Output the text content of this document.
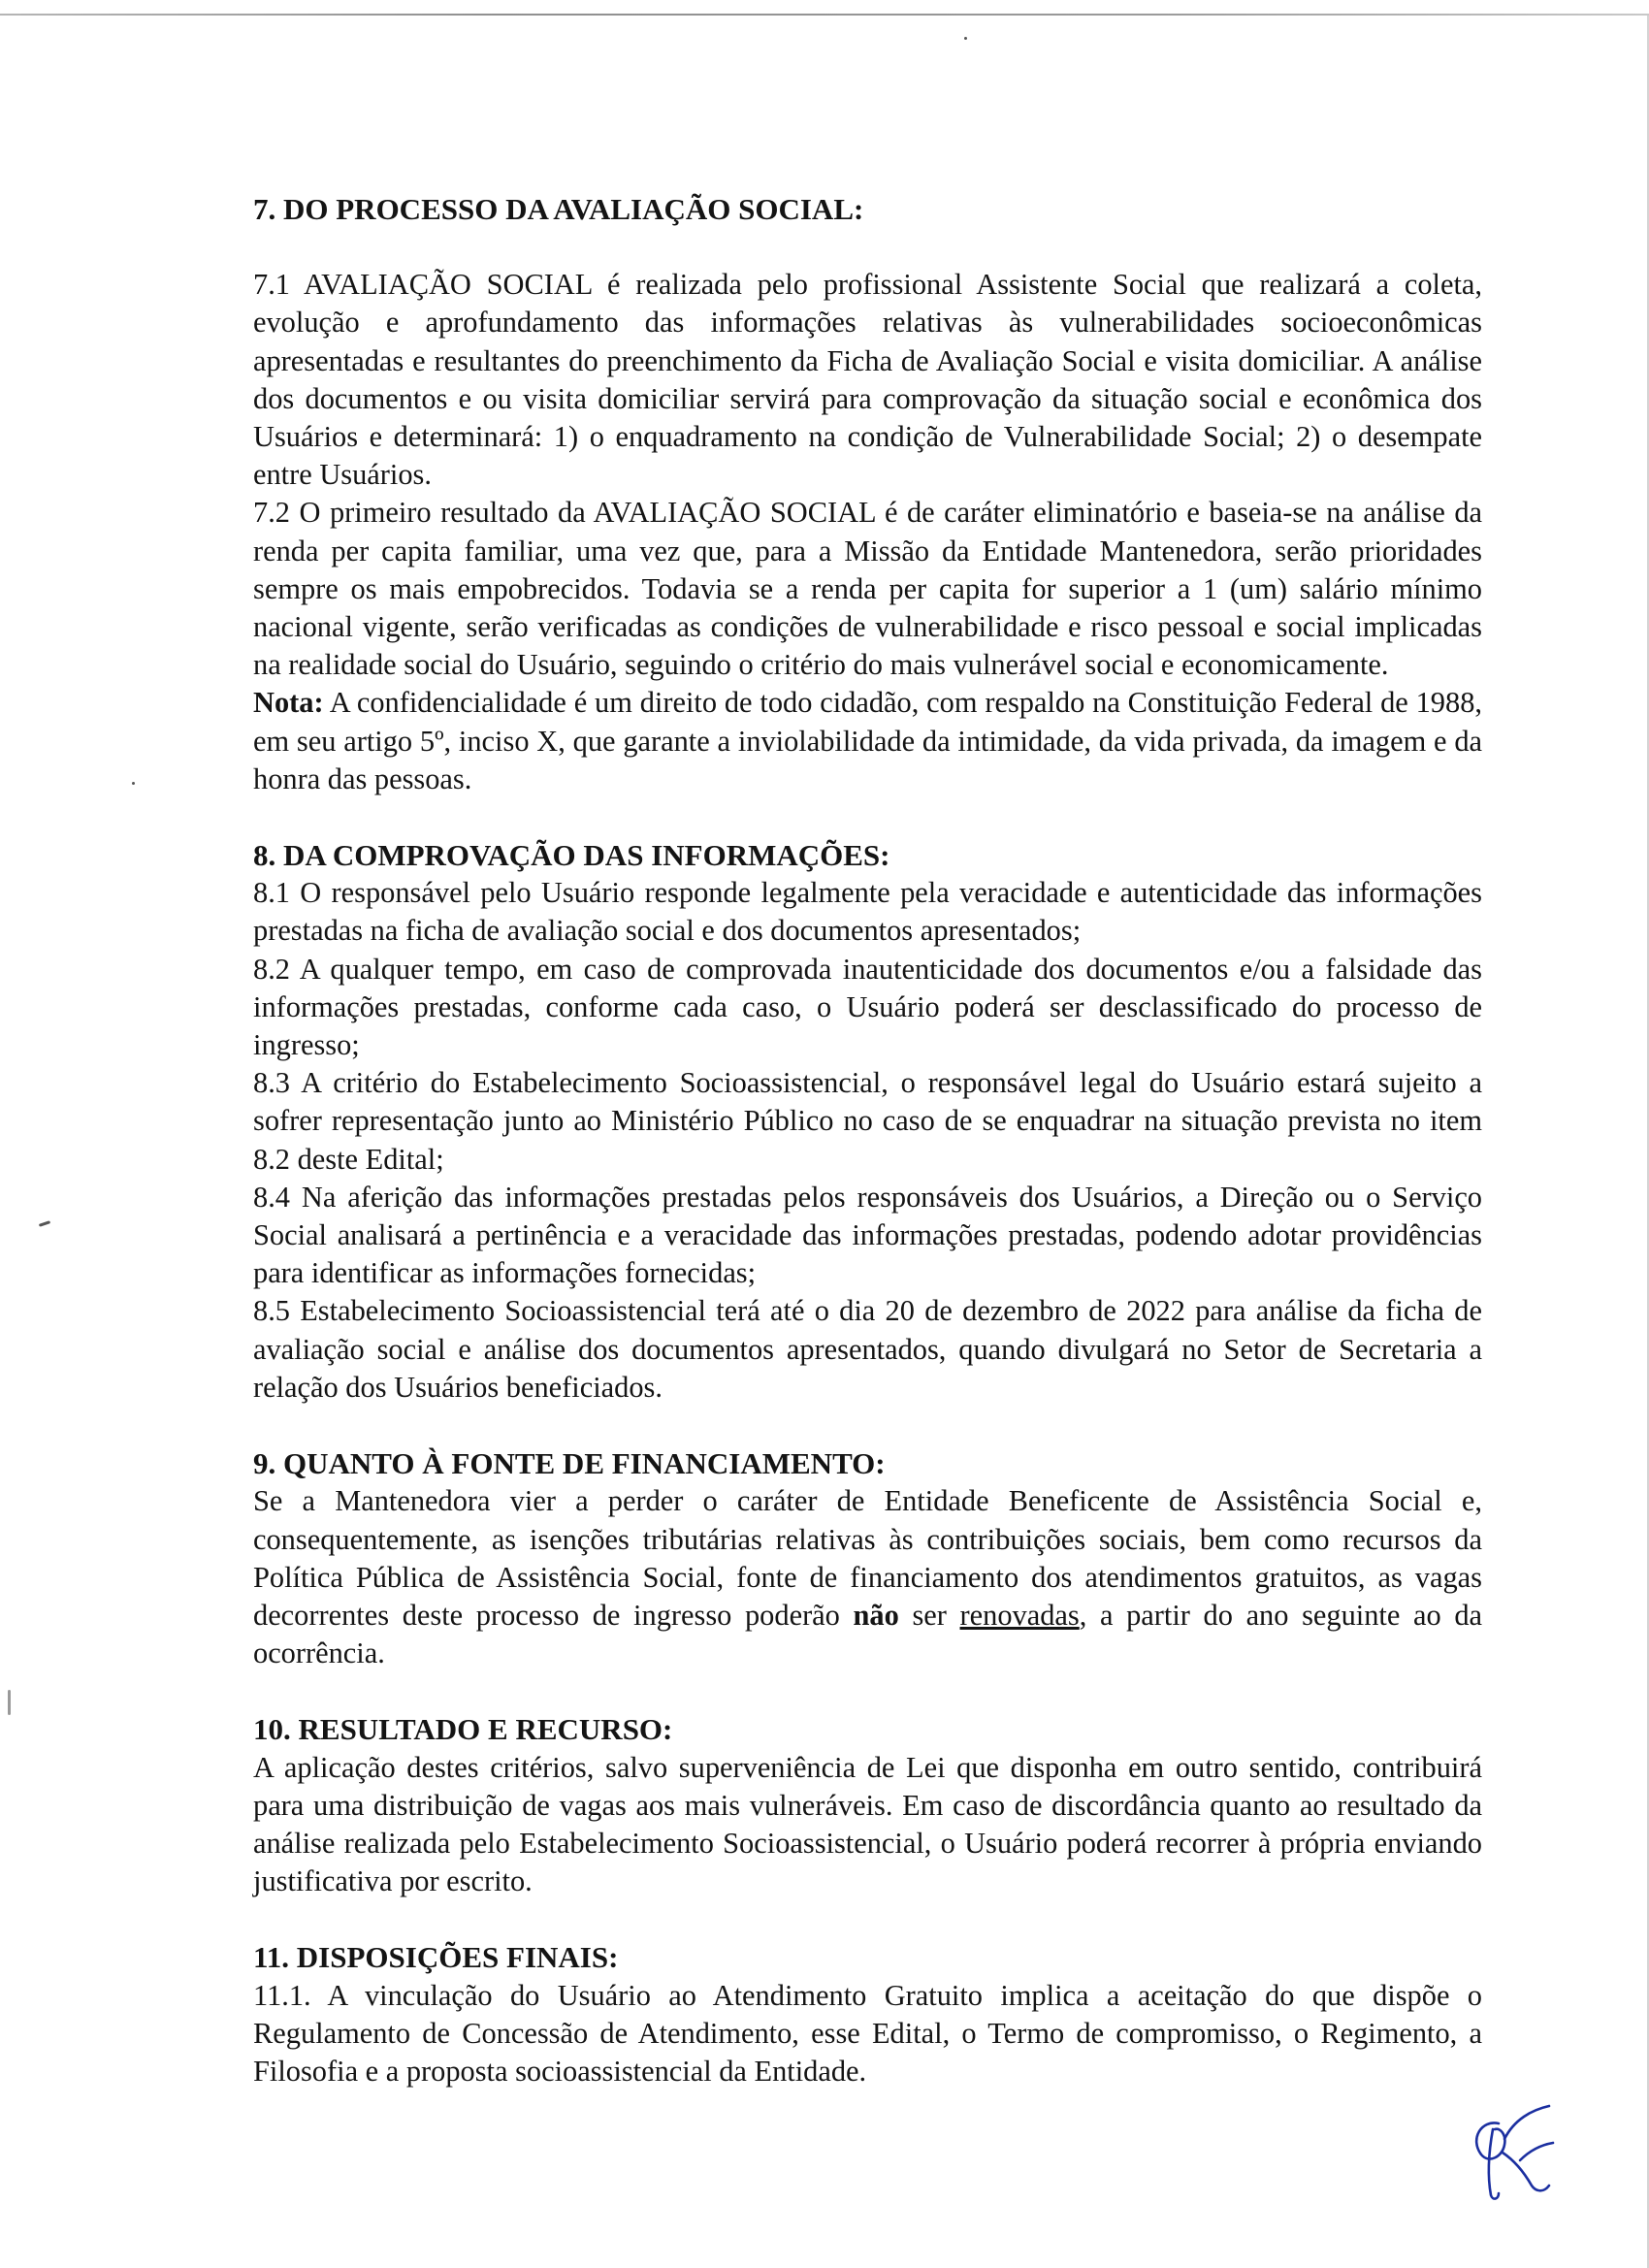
7. DO PROCESSO DA AVALIAÇÃO SOCIAL:

7.1 AVALIAÇÃO SOCIAL é realizada pelo profissional Assistente Social que realizará a coleta, evolução e aprofundamento das informações relativas às vulnerabilidades socioeconômicas apresentadas e resultantes do preenchimento da Ficha de Avaliação Social e visita domiciliar. A análise dos documentos e ou visita domiciliar servirá para comprovação da situação social e econômica dos Usuários e determinará: 1) o enquadramento na condição de Vulnerabilidade Social; 2) o desempate entre Usuários.

7.2 O primeiro resultado da AVALIAÇÃO SOCIAL é de caráter eliminatório e baseia-se na análise da renda per capita familiar, uma vez que, para a Missão da Entidade Mantenedora, serão prioridades sempre os mais empobrecidos. Todavia se a renda per capita for superior a 1 (um) salário mínimo nacional vigente, serão verificadas as condições de vulnerabilidade e risco pessoal e social implicadas na realidade social do Usuário, seguindo o critério do mais vulnerável social e economicamente.

Nota: A confidencialidade é um direito de todo cidadão, com respaldo na Constituição Federal de 1988, em seu artigo 5º, inciso X, que garante a inviolabilidade da intimidade, da vida privada, da imagem e da honra das pessoas.

8. DA COMPROVAÇÃO DAS INFORMAÇÕES:

8.1 O responsável pelo Usuário responde legalmente pela veracidade e autenticidade das informações prestadas na ficha de avaliação social e dos documentos apresentados;

8.2 A qualquer tempo, em caso de comprovada inautenticidade dos documentos e/ou a falsidade das informações prestadas, conforme cada caso, o Usuário poderá ser desclassificado do processo de ingresso;

8.3 A critério do Estabelecimento Socioassistencial, o responsável legal do Usuário estará sujeito a sofrer representação junto ao Ministério Público no caso de se enquadrar na situação prevista no item 8.2 deste Edital;

8.4 Na aferição das informações prestadas pelos responsáveis dos Usuários, a Direção ou o Serviço Social analisará a pertinência e a veracidade das informações prestadas, podendo adotar providências para identificar as informações fornecidas;

8.5 Estabelecimento Socioassistencial terá até o dia 20 de dezembro de 2022 para análise da ficha de avaliação social e análise dos documentos apresentados, quando divulgará no Setor de Secretaria a relação dos Usuários beneficiados.

9. QUANTO À FONTE DE FINANCIAMENTO:

Se a Mantenedora vier a perder o caráter de Entidade Beneficente de Assistência Social e, consequentemente, as isenções tributárias relativas às contribuições sociais, bem como recursos da Política Pública de Assistência Social, fonte de financiamento dos atendimentos gratuitos, as vagas decorrentes deste processo de ingresso poderão não ser renovadas, a partir do ano seguinte ao da ocorrência.

10. RESULTADO E RECURSO:

A aplicação destes critérios, salvo superveniência de Lei que disponha em outro sentido, contribuirá para uma distribuição de vagas aos mais vulneráveis. Em caso de discordância quanto ao resultado da análise realizada pelo Estabelecimento Socioassistencial, o Usuário poderá recorrer à própria enviando justificativa por escrito.

11. DISPOSIÇÕES FINAIS:

11.1. A vinculação do Usuário ao Atendimento Gratuito implica a aceitação do que dispõe o Regulamento de Concessão de Atendimento, esse Edital, o Termo de compromisso, o Regimento, a Filosofia e a proposta socioassistencial da Entidade.
